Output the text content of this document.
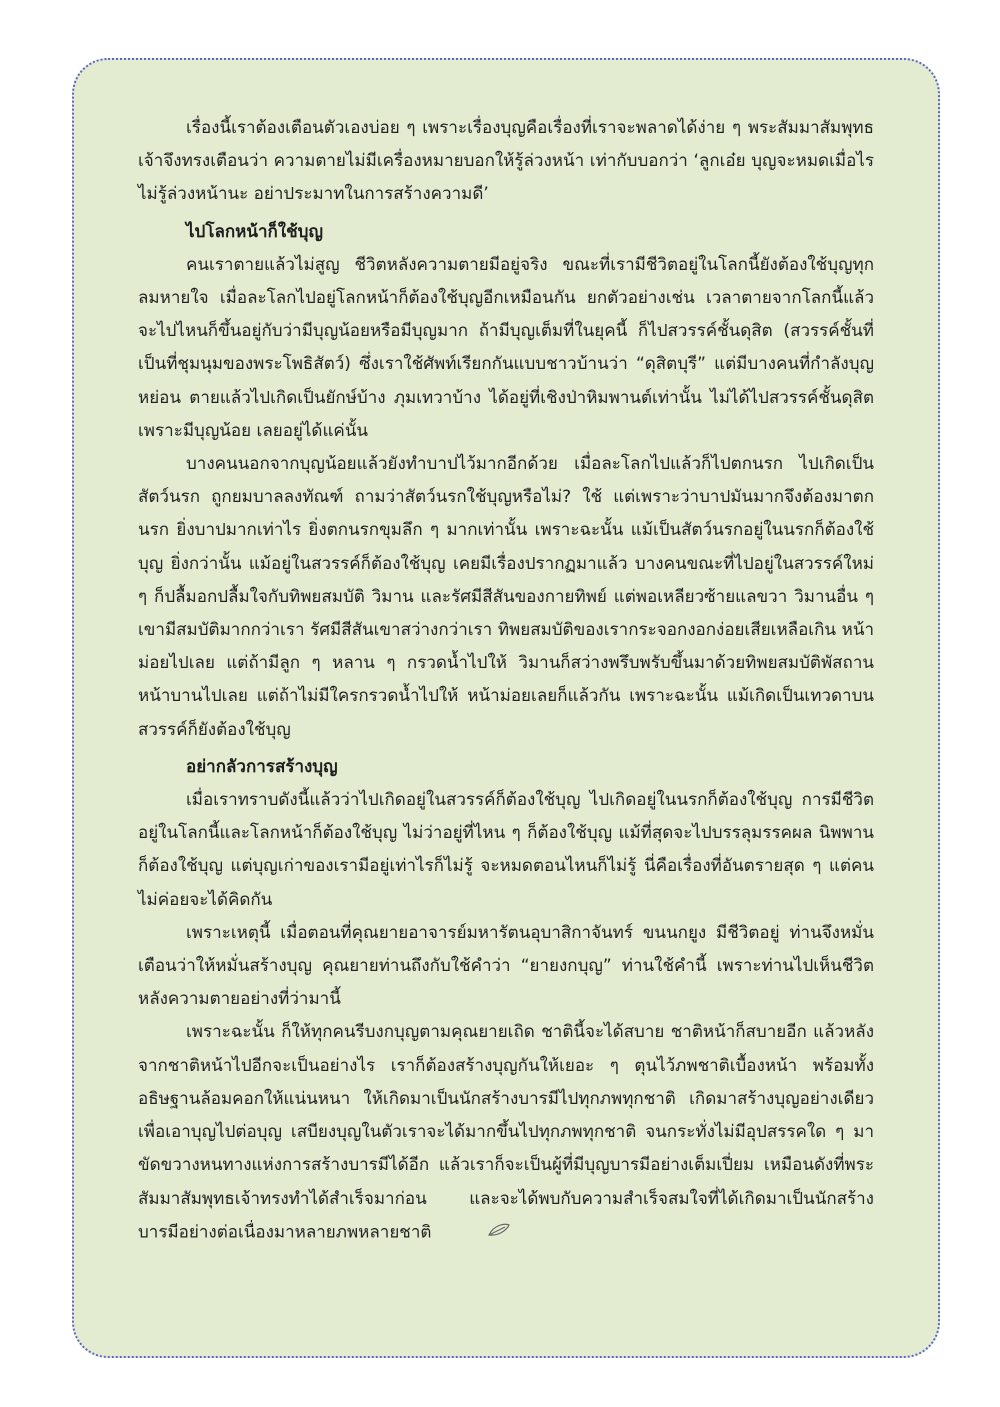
เรื่องนี้เราต้องเตือนตัวเองบ่อย ๆ เพราะเรื่องบุญคือเรื่องที่เราจะพลาดได้ง่าย ๆ พระสัมมาสัมพุทธเจ้าจึงทรงเตือนว่า ความตายไม่มีเครื่องหมายบอกให้รู้ล่วงหน้า เท่ากับบอกว่า ‘ลูกเอ๋ย บุญจะหมดเมื่อไรไม่รู้ล่วงหน้านะ อย่าประมาทในการสร้างความดี’

ไปโลกหน้าก็ใช้บุญ

คนเราตายแล้วไม่สูญ ชีวิตหลังความตายมีอยู่จริง ขณะที่เรามีชีวิตอยู่ในโลกนี้ยังต้องใช้บุญทุกลมหายใจ เมื่อละโลกไปอยู่โลกหน้าก็ต้องใช้บุญอีกเหมือนกัน ยกตัวอย่างเช่น เวลาตายจากโลกนี้แล้ว จะไปไหนก็ขึ้นอยู่กับว่ามีบุญน้อยหรือมีบุญมาก ถ้ามีบุญเต็มที่ในยุคนี้ ก็ไปสวรรค์ชั้นดุสิต (สวรรค์ชั้นที่เป็นที่ชุมนุมของพระโพธิสัตว์) ซึ่งเราใช้ศัพท์เรียกกันแบบชาวบ้านว่า “ดุสิตบุรี” แต่มีบางคนที่กำลังบุญหย่อน ตายแล้วไปเกิดเป็นยักษ์บ้าง ภุมเทวาบ้าง ได้อยู่ที่เชิงป่าหิมพานต์เท่านั้น ไม่ได้ไปสวรรค์ชั้นดุสิต เพราะมีบุญน้อย เลยอยู่ได้แค่นั้น

บางคนนอกจากบุญน้อยแล้วยังทำบาปไว้มากอีกด้วย เมื่อละโลกไปแล้วก็ไปตกนรก ไปเกิดเป็นสัตว์นรก ถูกยมบาลลงทัณฑ์ ถามว่าสัตว์นรกใช้บุญหรือไม่? ใช้ แต่เพราะว่าบาปมันมากจึงต้องมาตกนรก ยิ่งบาปมากเท่าไร ยิ่งตกนรกขุมลึก ๆ มากเท่านั้น เพราะฉะนั้น แม้เป็นสัตว์นรกอยู่ในนรกก็ต้องใช้บุญ ยิ่งกว่านั้น แม้อยู่ในสวรรค์ก็ต้องใช้บุญ เคยมีเรื่องปรากฏมาแล้ว บางคนขณะที่ไปอยู่ในสวรรค์ใหม่ ๆ ก็ปลื้มอกปลื้มใจกับทิพยสมบัติ วิมาน และรัศมีสีสันของกายทิพย์ แต่พอเหลียวซ้ายแลขวา วิมานอื่น ๆ เขามีสมบัติมากกว่าเรา รัศมีสีสันเขาสว่างกว่าเรา ทิพยสมบัติของเรากระจอกงอกง่อยเสียเหลือเกิน หน้าม่อยไปเลย แต่ถ้ามีลูก ๆ หลาน ๆ กรวดน้ำไปให้ วิมานก็สว่างพรึบพรับขึ้นมาด้วยทิพยสมบัติพัสถาน หน้าบานไปเลย แต่ถ้าไม่มีใครกรวดน้ำไปให้ หน้าม่อยเลยก็แล้วกัน เพราะฉะนั้น แม้เกิดเป็นเทวดาบนสวรรค์ก็ยังต้องใช้บุญ

อย่ากลัวการสร้างบุญ

เมื่อเราทราบดังนี้แล้วว่าไปเกิดอยู่ในสวรรค์ก็ต้องใช้บุญ ไปเกิดอยู่ในนรกก็ต้องใช้บุญ การมีชีวิตอยู่ในโลกนี้และโลกหน้าก็ต้องใช้บุญ ไม่ว่าอยู่ที่ไหน ๆ ก็ต้องใช้บุญ แม้ที่สุดจะไปบรรลุมรรคผล นิพพาน ก็ต้องใช้บุญ แต่บุญเก่าของเรามีอยู่เท่าไรก็ไม่รู้ จะหมดตอนไหนก็ไม่รู้ นี่คือเรื่องที่อันตรายสุด ๆ แต่คนไม่ค่อยจะได้คิดกัน

เพราะเหตุนี้ เมื่อตอนที่คุณยายอาจารย์มหารัตนอุบาสิกาจันทร์ ขนนกยูง มีชีวิตอยู่ ท่านจึงหมั่นเตือนว่าให้หมั่นสร้างบุญ คุณยายท่านถึงกับใช้คำว่า “ยายงกบุญ” ท่านใช้คำนี้ เพราะท่านไปเห็นชีวิตหลังความตายอย่างที่ว่ามานี้

เพราะฉะนั้น ก็ให้ทุกคนรีบงกบุญตามคุณยายเถิด ชาตินี้จะได้สบาย ชาติหน้าก็สบายอีก แล้วหลังจากชาติหน้าไปอีกจะเป็นอย่างไร เราก็ต้องสร้างบุญกันให้เยอะ ๆ ตุนไว้ภพชาติเบื้องหน้า พร้อมทั้งอธิษฐานล้อมคอกให้แน่นหนา ให้เกิดมาเป็นนักสร้างบารมีไปทุกภพทุกชาติ เกิดมาสร้างบุญอย่างเดียว เพื่อเอาบุญไปต่อบุญ เสบียงบุญในตัวเราจะได้มากขึ้นไปทุกภพทุกชาติ จนกระทั่งไม่มีอุปสรรคใด ๆ มาขัดขวางหนทางแห่งการสร้างบารมีได้อีก แล้วเราก็จะเป็นผู้ที่มีบุญบารมีอย่างเต็มเปี่ยม เหมือนดังที่พระสัมมาสัมพุทธเจ้าทรงทำได้สำเร็จมาก่อน และจะได้พบกับความสำเร็จสมใจที่ได้เกิดมาเป็นนักสร้างบารมีอย่างต่อเนื่องมาหลายภพหลายชาติ
